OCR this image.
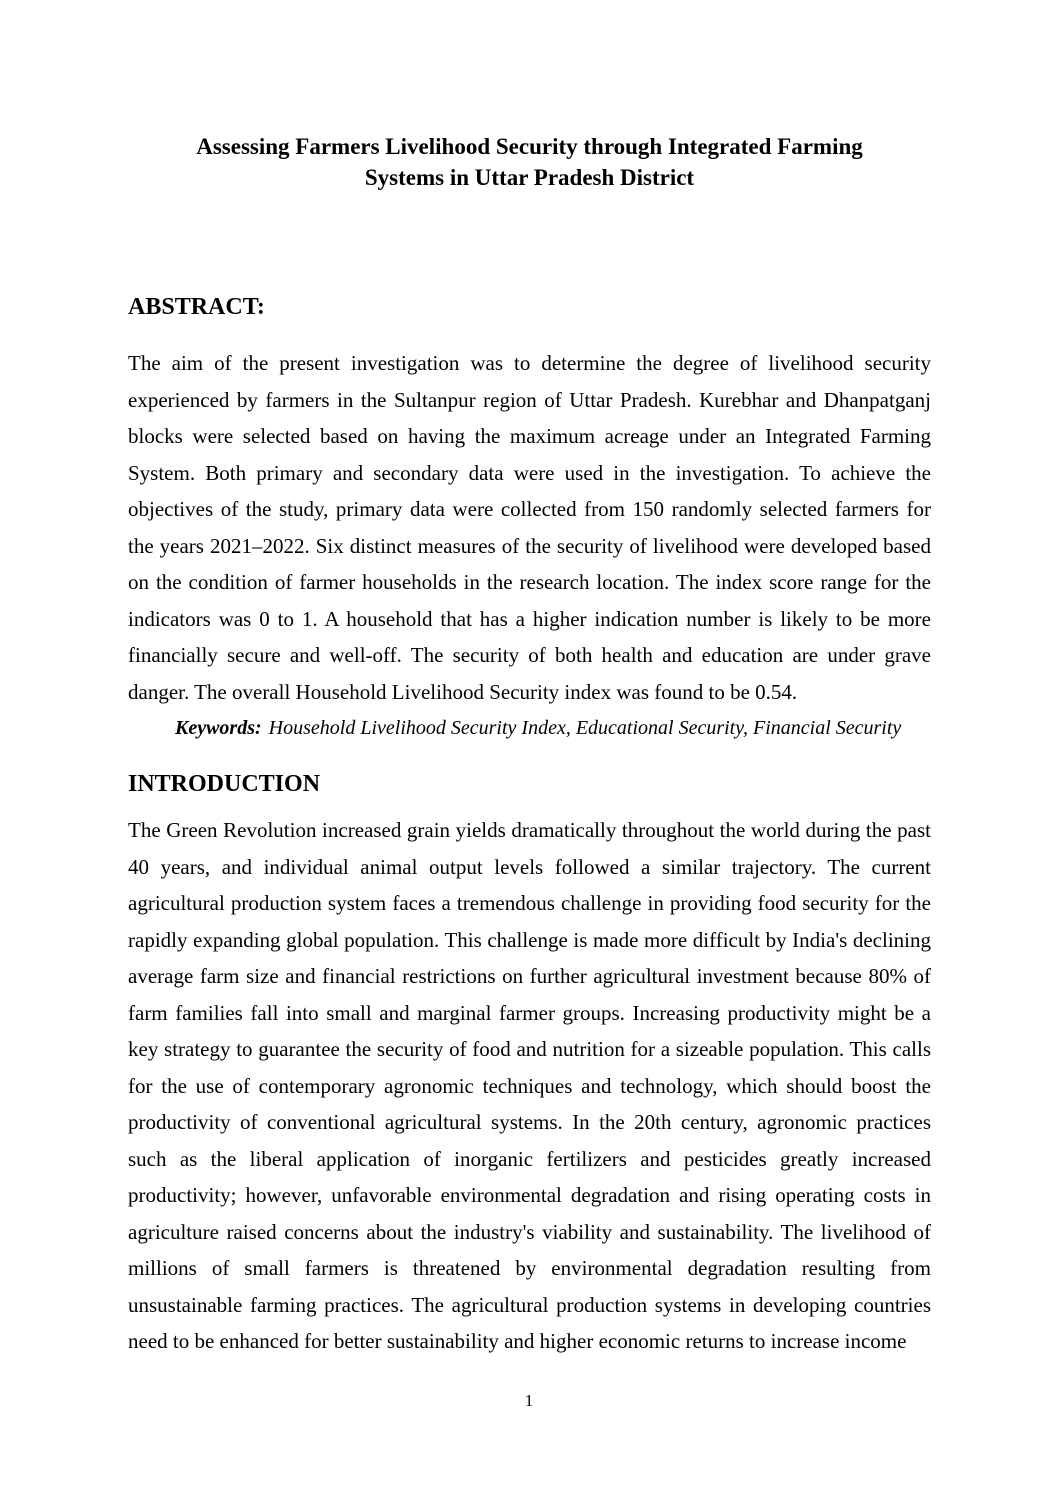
Assessing Farmers Livelihood Security through Integrated Farming Systems in Uttar Pradesh District
ABSTRACT:

The aim of the present investigation was to determine the degree of livelihood security experienced by farmers in the Sultanpur region of Uttar Pradesh. Kurebhar and Dhanpatganj blocks were selected based on having the maximum acreage under an Integrated Farming System. Both primary and secondary data were used in the investigation. To achieve the objectives of the study, primary data were collected from 150 randomly selected farmers for the years 2021–2022. Six distinct measures of the security of livelihood were developed based on the condition of farmer households in the research location. The index score range for the indicators was 0 to 1. A household that has a higher indication number is likely to be more financially secure and well-off. The security of both health and education are under grave danger. The overall Household Livelihood Security index was found to be 0.54.

Keywords: Household Livelihood Security Index, Educational Security, Financial Security

INTRODUCTION

The Green Revolution increased grain yields dramatically throughout the world during the past 40 years, and individual animal output levels followed a similar trajectory. The current agricultural production system faces a tremendous challenge in providing food security for the rapidly expanding global population. This challenge is made more difficult by India's declining average farm size and financial restrictions on further agricultural investment because 80% of farm families fall into small and marginal farmer groups. Increasing productivity might be a key strategy to guarantee the security of food and nutrition for a sizeable population. This calls for the use of contemporary agronomic techniques and technology, which should boost the productivity of conventional agricultural systems. In the 20th century, agronomic practices such as the liberal application of inorganic fertilizers and pesticides greatly increased productivity; however, unfavorable environmental degradation and rising operating costs in agriculture raised concerns about the industry's viability and sustainability. The livelihood of millions of small farmers is threatened by environmental degradation resulting from unsustainable farming practices. The agricultural production systems in developing countries need to be enhanced for better sustainability and higher economic returns to increase income

1
